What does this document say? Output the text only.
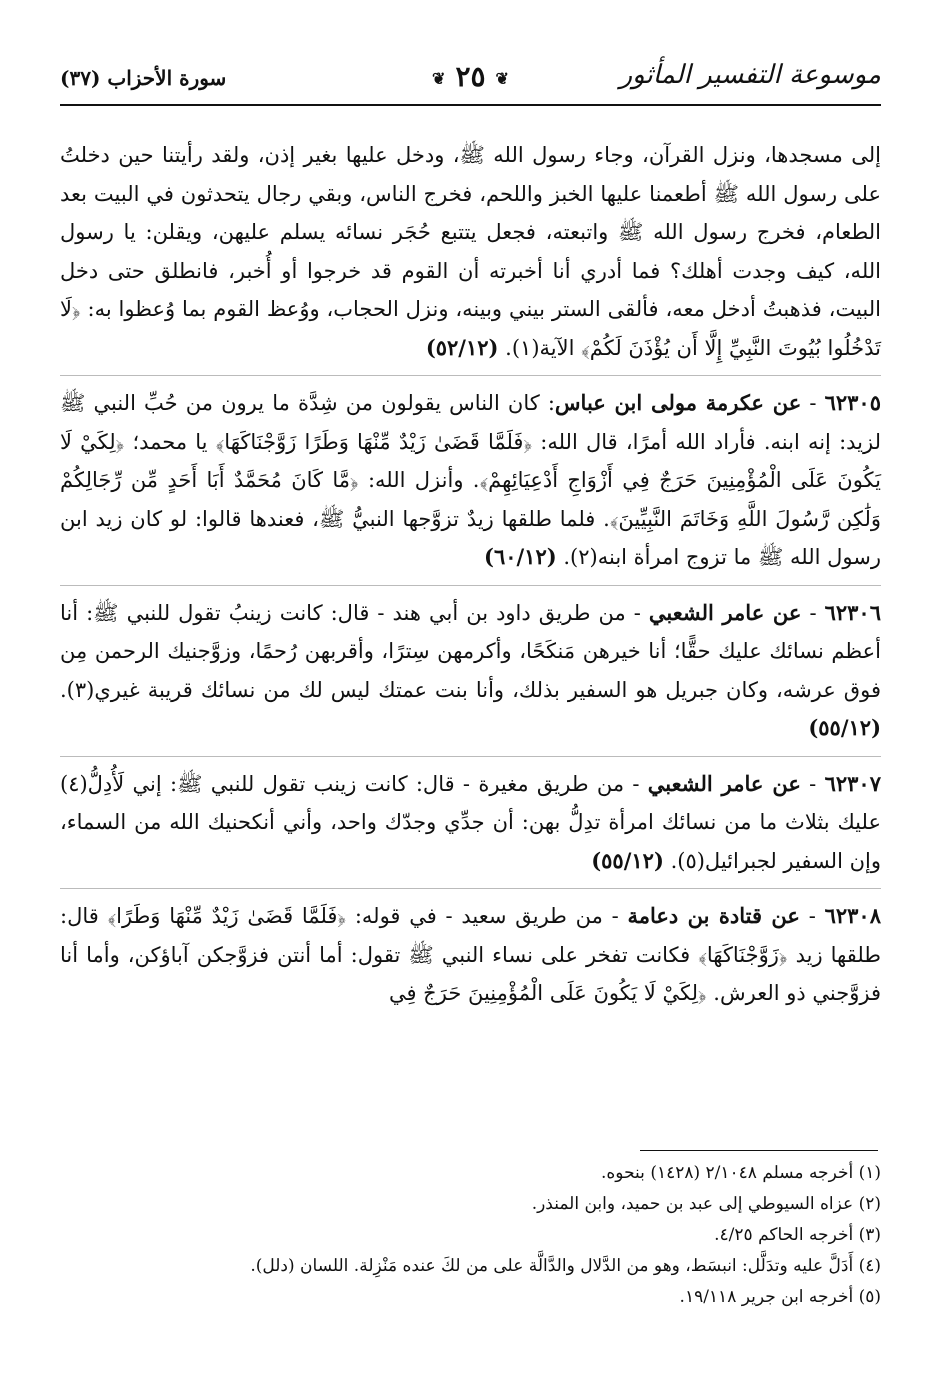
موسوعة التفسير المأثور
❦ ٢٥ ❦
سورة الأحزاب (٣٧)

إلى مسجدها، ونزل القرآن، وجاء رسول الله ﷺ، ودخل عليها بغير إذن، ولقد رأيتنا حين دخلتُ على رسول الله ﷺ أطعمنا عليها الخبز واللحم، فخرج الناس، وبقي رجال يتحدثون في البيت بعد الطعام، فخرج رسول الله ﷺ واتبعته، فجعل يتتبع حُجَر نسائه يسلم عليهن، ويقلن: يا رسول الله، كيف وجدت أهلك؟ فما أدري أنا أخبرته أن القوم قد خرجوا أو أُخبر، فانطلق حتى دخل البيت، فذهبتُ أدخل معه، فألقى الستر بيني وبينه، ونزل الحجاب، ووُعظ القوم بما وُعظوا به: ﴿لَا تَدْخُلُوا بُيُوتَ النَّبِيِّ إِلَّا أَن يُؤْذَنَ لَكُمْ﴾ الآية(١). (٥٢/١٢)

٦٢٣٠٥ - عن عكرمة مولى ابن عباس: كان الناس يقولون من شِدَّة ما يرون من حُبِّ النبي ﷺ لزيد: إنه ابنه. فأراد الله أمرًا، قال الله: ﴿فَلَمَّا قَضَىٰ زَيْدٌ مِّنْهَا وَطَرًا زَوَّجْنَاكَهَا﴾ يا محمد؛ ﴿لِكَيْ لَا يَكُونَ عَلَى الْمُؤْمِنِينَ حَرَجٌ فِي أَزْوَاجِ أَدْعِيَائِهِمْ﴾. وأنزل الله: ﴿مَّا كَانَ مُحَمَّدٌ أَبَا أَحَدٍ مِّن رِّجَالِكُمْ وَلَٰكِن رَّسُولَ اللَّهِ وَخَاتَمَ النَّبِيِّينَ﴾. فلما طلقها زيدٌ تزوَّجها النبيُّ ﷺ، فعندها قالوا: لو كان زيد ابن رسول الله ﷺ ما تزوج امرأة ابنه(٢). (٦٠/١٢)

٦٢٣٠٦ - عن عامر الشعبي - من طريق داود بن أبي هند - قال: كانت زينبُ تقول للنبي ﷺ: أنا أعظم نسائك عليك حقًّا؛ أنا خيرهن مَنكَحًا، وأكرمهن سِترًا، وأقربهن رُحمًا، وزوَّجنيك الرحمن مِن فوق عرشه، وكان جبريل هو السفير بذلك، وأنا بنت عمتك ليس لك من نسائك قريبة غيري(٣). (٥٥/١٢)

٦٢٣٠٧ - عن عامر الشعبي - من طريق مغيرة - قال: كانت زينب تقول للنبي ﷺ: إني لَأُدِلُّ(٤) عليك بثلاث ما من نسائك امرأة تدِلُّ بهن: أن جدِّي وجدّك واحد، وأني أنكحنيك الله من السماء، وإن السفير لجبرائيل(٥). (٥٥/١٢)

٦٢٣٠٨ - عن قتادة بن دعامة - من طريق سعيد - في قوله: ﴿فَلَمَّا قَضَىٰ زَيْدٌ مِّنْهَا وَطَرًا﴾ قال: طلقها زيد ﴿زَوَّجْنَاكَهَا﴾ فكانت تفخر على نساء النبي ﷺ تقول: أما أنتن فزوَّجكن آباؤكن، وأما أنا فزوَّجني ذو العرش. ﴿لِكَيْ لَا يَكُونَ عَلَى الْمُؤْمِنِينَ حَرَجٌ فِي

(١) أخرجه مسلم ٢/١٠٤٨ (١٤٢٨) بنحوه.
(٢) عزاه السيوطي إلى عبد بن حميد، وابن المنذر.
(٣) أخرجه الحاكم ٤/٢٥.
(٤) أَدَلَّ عليه وتدَلَّل: انبسَط، وهو من الدَّلال والدَّالَّة على من لكَ عنده مَنْزِلة. اللسان (دلل).
(٥) أخرجه ابن جرير ١٩/١١٨.
